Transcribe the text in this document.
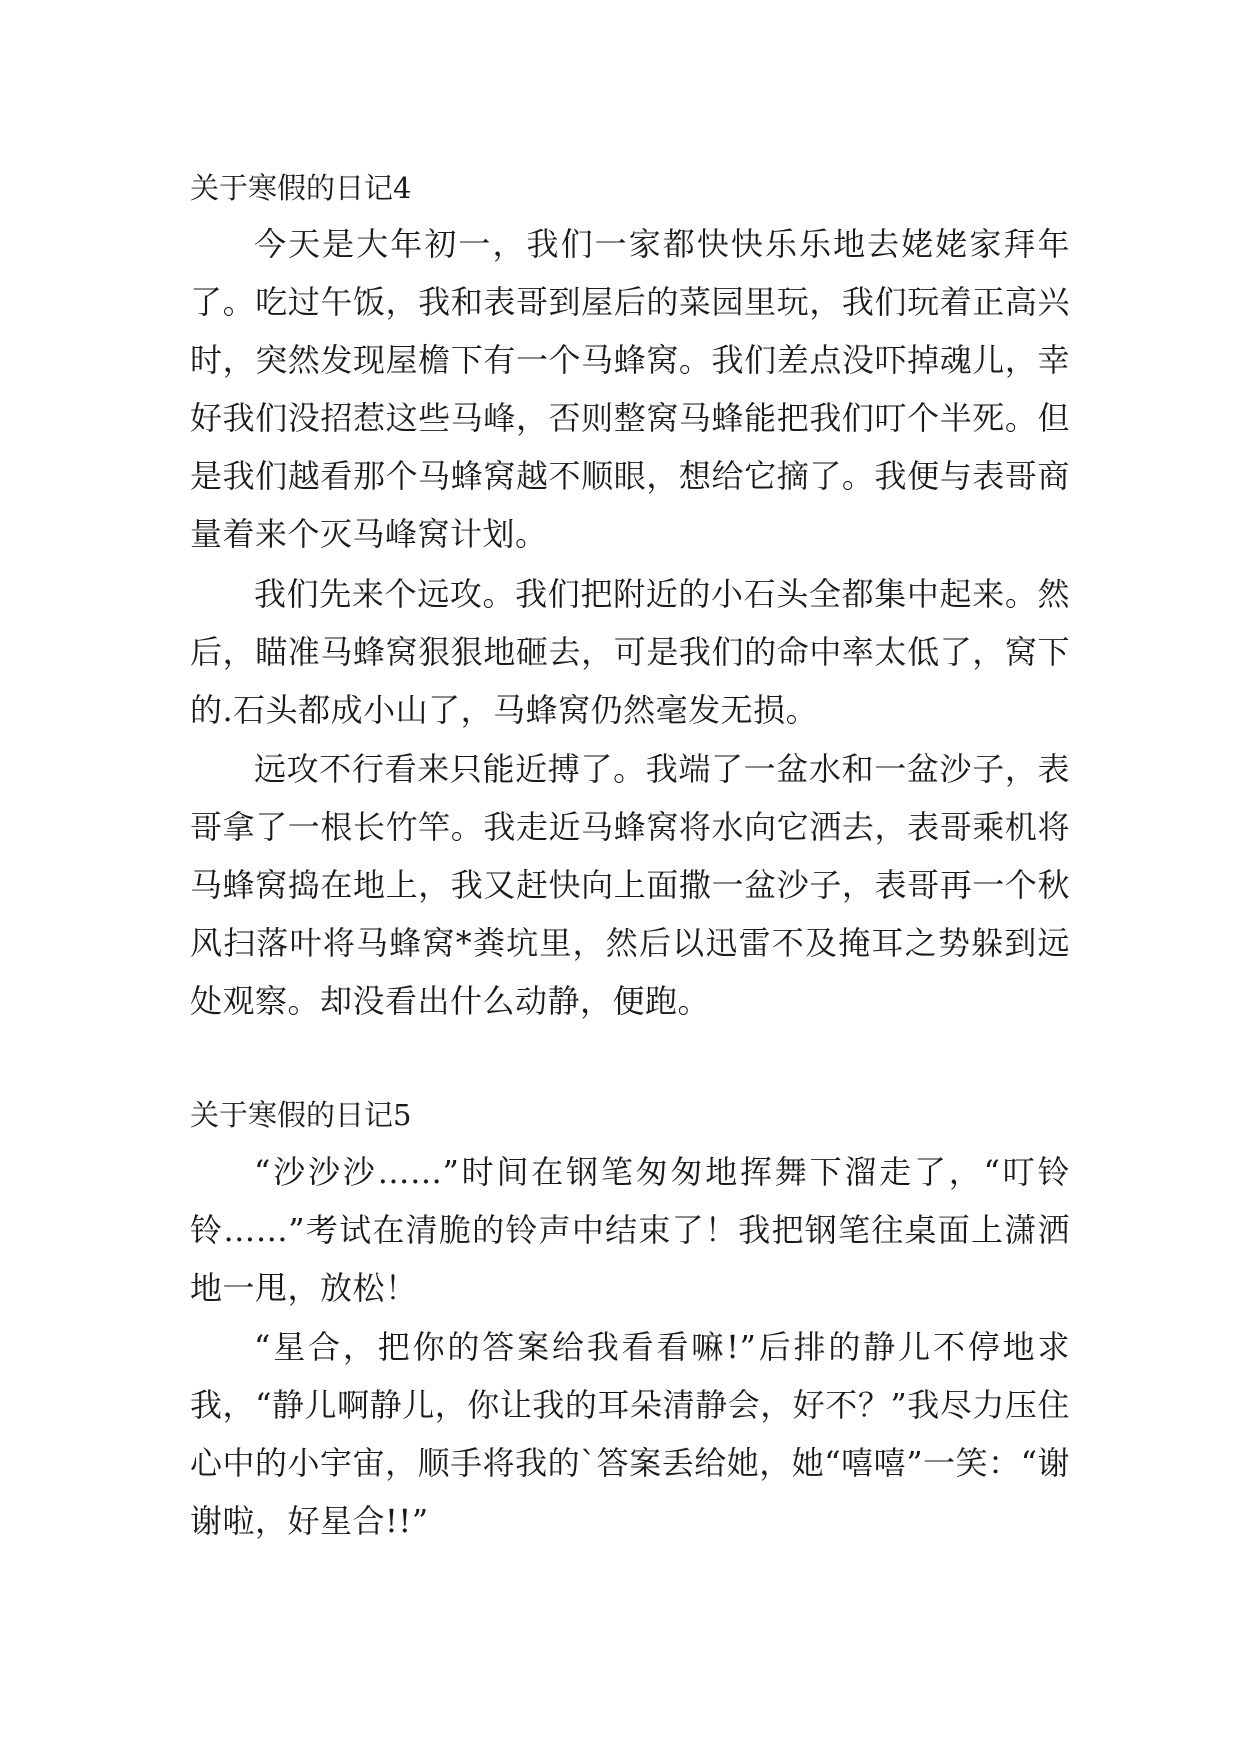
关于寒假的日记4

今天是大年初一，我们一家都快快乐乐地去姥姥家拜年了。吃过午饭，我和表哥到屋后的菜园里玩，我们玩着正高兴时，突然发现屋檐下有一个马蜂窝。我们差点没吓掉魂儿，幸好我们没招惹这些马峰，否则整窝马蜂能把我们叮个半死。但是我们越看那个马蜂窝越不顺眼，想给它摘了。我便与表哥商量着来个灭马峰窝计划。

我们先来个远攻。我们把附近的小石头全都集中起来。然后，瞄准马蜂窝狠狠地砸去，可是我们的命中率太低了，窝下的.石头都成小山了，马蜂窝仍然毫发无损。

远攻不行看来只能近搏了。我端了一盆水和一盆沙子，表哥拿了一根长竹竿。我走近马蜂窝将水向它洒去，表哥乘机将马蜂窝捣在地上，我又赶快向上面撒一盆沙子，表哥再一个秋风扫落叶将马蜂窝*粪坑里，然后以迅雷不及掩耳之势躲到远处观察。却没看出什么动静，便跑。

关于寒假的日记5

“沙沙沙……”时间在钢笔匆匆地挥舞下溜走了，“叮铃铃……”考试在清脆的铃声中结束了！我把钢笔往桌面上潇洒地一甩，放松！

“星合，把你的答案给我看看嘛!”后排的静儿不停地求我，“静儿啊静儿，你让我的耳朵清静会，好不？”我尽力压住心中的小宇宙，顺手将我的`答案丢给她，她“嘻嘻”一笑：“谢谢啦，好星合!!”
